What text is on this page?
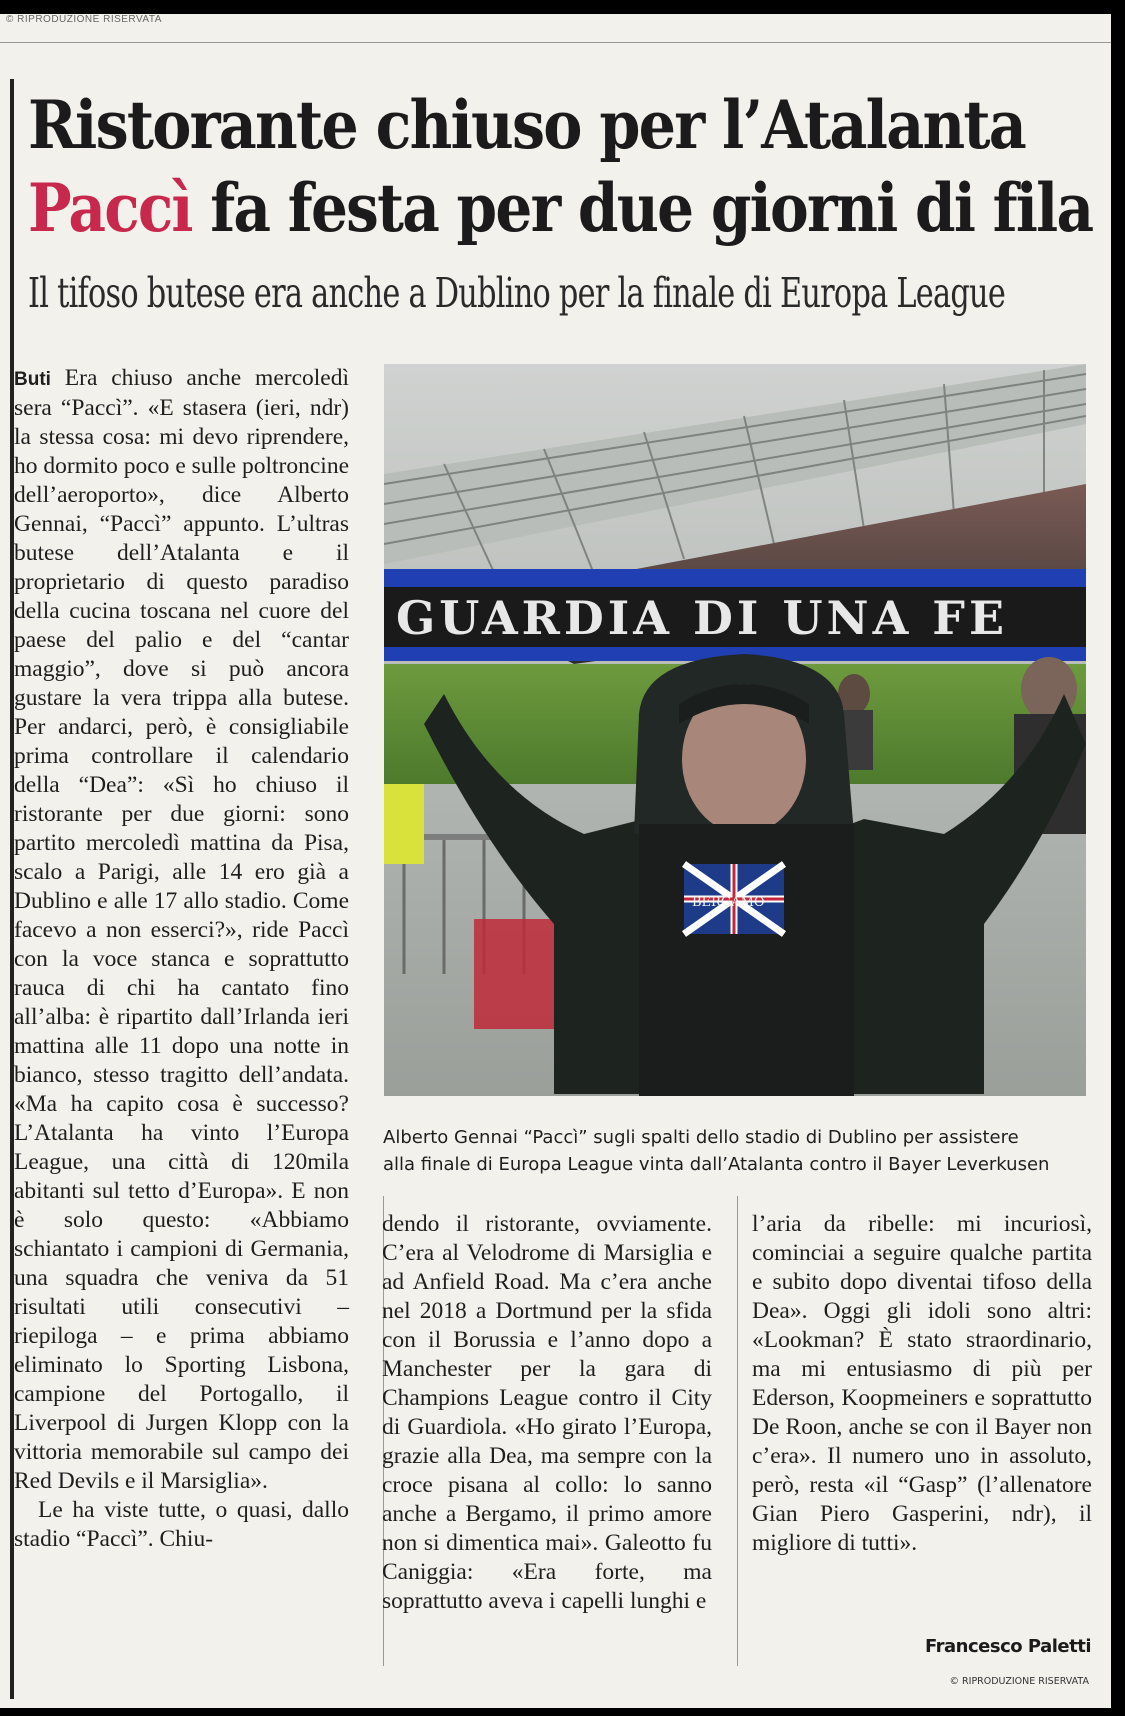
© RIPRODUZIONE RISERVATA
Ristorante chiuso per l’Atalanta
Paccì fa festa per due giorni di fila
Il tifoso butese era anche a Dublino per la finale di Europa League

Buti Era chiuso anche mercoledì sera “Paccì”. «E stasera (ieri, ndr) la stessa cosa: mi devo riprendere, ho dormito poco e sulle poltroncine dell’aeroporto», dice Alberto Gennai, “Paccì” appunto. L’ultras butese dell’Atalanta e il proprietario di questo paradiso della cucina toscana nel cuore del paese del palio e del “cantar maggio”, dove si può ancora gustare la vera trippa alla butese. Per andarci, però, è consigliabile prima controllare il calendario della “Dea”: «Sì ho chiuso il ristorante per due giorni: sono partito mercoledì mattina da Pisa, scalo a Parigi, alle 14 ero già a Dublino e alle 17 allo stadio. Come facevo a non esserci?», ride Paccì con la voce stanca e soprattutto rauca di chi ha cantato fino all’alba: è ripartito dall’Irlanda ieri mattina alle 11 dopo una notte in bianco, stesso tragitto dell’andata. «Ma ha capito cosa è successo? L’Atalanta ha vinto l’Europa League, una città di 120mila abitanti sul tetto d’Europa». E non è solo questo: «Abbiamo schiantato i campioni di Germania, una squadra che veniva da 51 risultati utili consecutivi – riepiloga – e prima abbiamo eliminato lo Sporting Lisbona, campione del Portogallo, il Liverpool di Jurgen Klopp con la vittoria memorabile sul campo dei Red Devils e il Marsiglia».

Le ha viste tutte, o quasi, dallo stadio “Paccì”. Chiu-

GUARDIA DI UNA FE
BERGAMO
Alberto Gennai “Paccì” sugli spalti dello stadio di Dublino per assistere
alla finale di Europa League vinta dall’Atalanta contro il Bayer Leverkusen

dendo il ristorante, ovviamente. C’era al Velodrome di Marsiglia e ad Anfield Road. Ma c’era anche nel 2018 a Dortmund per la sfida con il Borussia e l’anno dopo a Manchester per la gara di Champions League contro il City di Guardiola. «Ho girato l’Europa, grazie alla Dea, ma sempre con la croce pisana al collo: lo sanno anche a Bergamo, il primo amore non si dimentica mai». Galeotto fu Caniggia: «Era forte, ma soprattutto aveva i capelli lunghi e

l’aria da ribelle: mi incuriosì, cominciai a seguire qualche partita e subito dopo diventai tifoso della Dea». Oggi gli idoli sono altri: «Lookman? È stato straordinario, ma mi entusiasmo di più per Ederson, Koopmeiners e soprattutto De Roon, anche se con il Bayer non c’era». Il numero uno in assoluto, però, resta «il “Gasp” (l’allenatore Gian Piero Gasperini, ndr), il migliore di tutti».

Francesco Paletti
© RIPRODUZIONE RISERVATA
